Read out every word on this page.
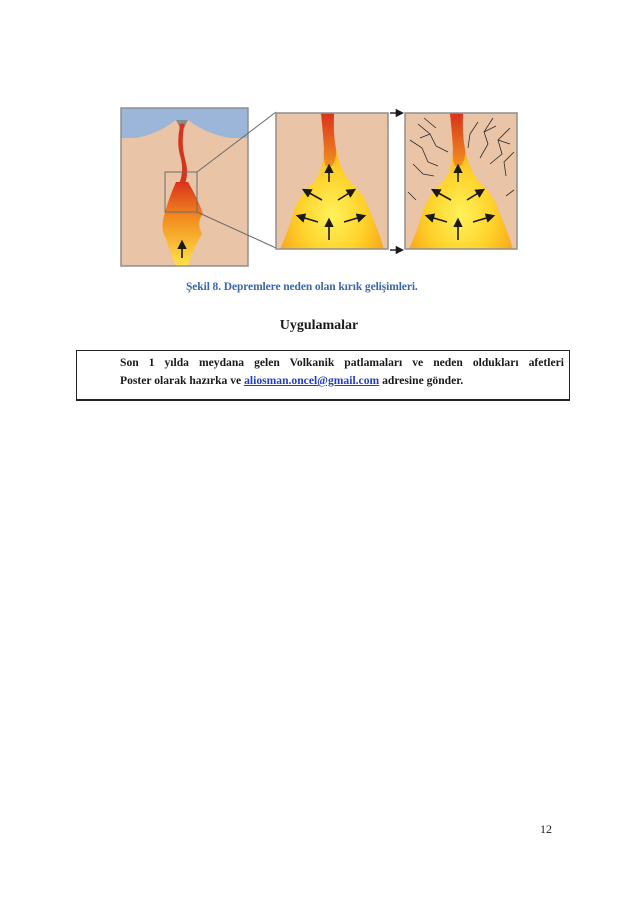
Şekil 8. Depremlere neden olan kırık gelişimleri.
Uygulamalar
Son 1 yılda meydana gelen Volkanik patlamaları ve neden oldukları afetleri
Poster olarak hazırka ve aliosman.oncel@gmail.com adresine gönder.
12
